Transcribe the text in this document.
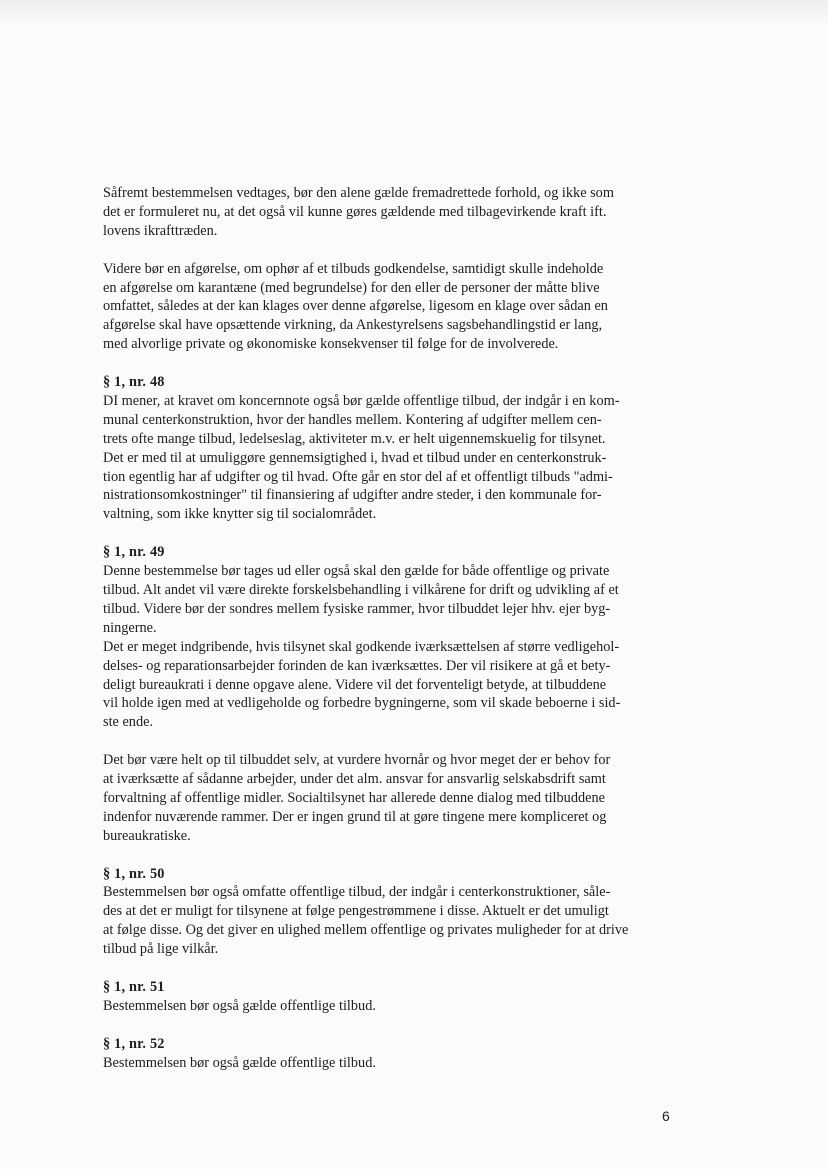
Såfremt bestemmelsen vedtages, bør den alene gælde fremadrettede forhold, og ikke som
det er formuleret nu, at det også vil kunne gøres gældende med tilbagevirkende kraft ift.
lovens ikrafttræden.
Videre bør en afgørelse, om ophør af et tilbuds godkendelse, samtidigt skulle indeholde
en afgørelse om karantæne (med begrundelse) for den eller de personer der måtte blive
omfattet, således at der kan klages over denne afgørelse, ligesom en klage over sådan en
afgørelse skal have opsættende virkning, da Ankestyrelsens sagsbehandlingstid er lang,
med alvorlige private og økonomiske konsekvenser til følge for de involverede.
§ 1, nr. 48
DI mener, at kravet om koncernnote også bør gælde offentlige tilbud, der indgår i en kom-
munal centerkonstruktion, hvor der handles mellem. Kontering af udgifter mellem cen-
trets ofte mange tilbud, ledelseslag, aktiviteter m.v. er helt uigennemskuelig for tilsynet.
Det er med til at umuliggøre gennemsigtighed i, hvad et tilbud under en centerkonstruk-
tion egentlig har af udgifter og til hvad. Ofte går en stor del af et offentligt tilbuds "admi-
nistrationsomkostninger" til finansiering af udgifter andre steder, i den kommunale for-
valtning, som ikke knytter sig til socialområdet.
§ 1, nr. 49
Denne bestemmelse bør tages ud eller også skal den gælde for både offentlige og private
tilbud. Alt andet vil være direkte forskelsbehandling i vilkårene for drift og udvikling af et
tilbud. Videre bør der sondres mellem fysiske rammer, hvor tilbuddet lejer hhv. ejer byg-
ningerne.
Det er meget indgribende, hvis tilsynet skal godkende iværksættelsen af større vedligehol-
delses- og reparationsarbejder forinden de kan iværksættes. Der vil risikere at gå et bety-
deligt bureaukrati i denne opgave alene. Videre vil det forventeligt betyde, at tilbuddene
vil holde igen med at vedligeholde og forbedre bygningerne, som vil skade beboerne i sid-
ste ende.
Det bør være helt op til tilbuddet selv, at vurdere hvornår og hvor meget der er behov for
at iværksætte af sådanne arbejder, under det alm. ansvar for ansvarlig selskabsdrift samt
forvaltning af offentlige midler. Socialtilsynet har allerede denne dialog med tilbuddene
indenfor nuværende rammer. Der er ingen grund til at gøre tingene mere kompliceret og
bureaukratiske.
§ 1, nr. 50
Bestemmelsen bør også omfatte offentlige tilbud, der indgår i centerkonstruktioner, såle-
des at det er muligt for tilsynene at følge pengestrømmene i disse. Aktuelt er det umuligt
at følge disse. Og det giver en ulighed mellem offentlige og privates muligheder for at drive
tilbud på lige vilkår.
§ 1, nr. 51
Bestemmelsen bør også gælde offentlige tilbud.
§ 1, nr. 52
Bestemmelsen bør også gælde offentlige tilbud.
6
